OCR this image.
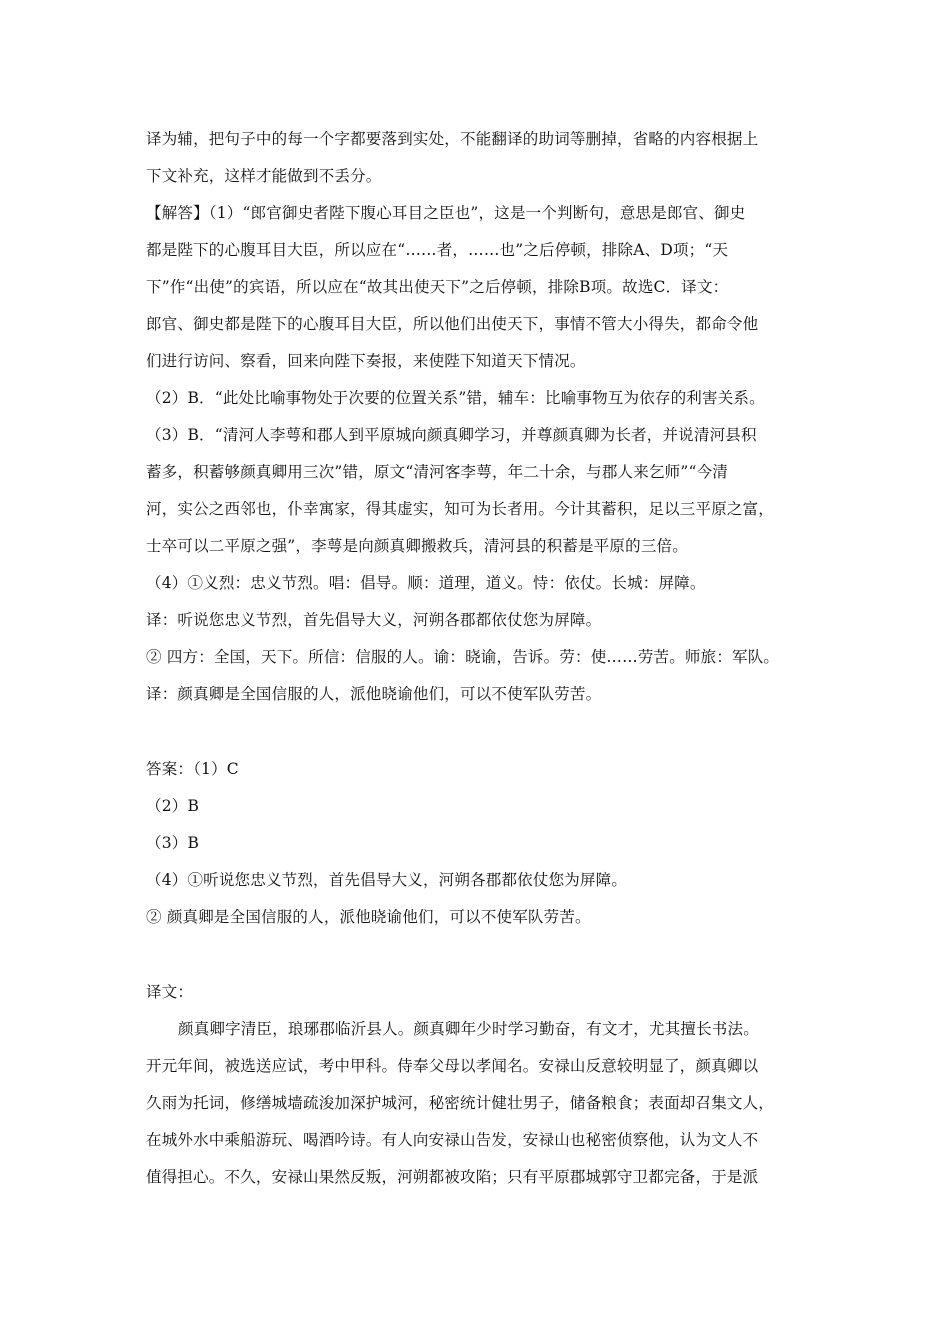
译为辅，把句子中的每一个字都要落到实处，不能翻译的助词等删掉，省略的内容根据上
下文补充，这样才能做到不丢分。
【解答】（1）“郎官御史者陛下腹心耳目之臣也”，这是一个判断句，意思是郎官、御史
都是陛下的心腹耳目大臣，所以应在“……者，……也”之后停顿，排除A、D项；“天
下”作“出使”的宾语，所以应在“故其出使天下”之后停顿，排除B项。故选C．译文：
郎官、御史都是陛下的心腹耳目大臣，所以他们出使天下，事情不管大小得失，都命令他
们进行访问、察看，回来向陛下奏报，来使陛下知道天下情况。
（2）B．“此处比喻事物处于次要的位置关系”错，辅车：比喻事物互为依存的利害关系。
（3）B．“清河人李萼和郡人到平原城向颜真卿学习，并尊颜真卿为长者，并说清河县积
蓄多，积蓄够颜真卿用三次”错，原文“清河客李萼，年二十余，与郡人来乞师”“今清
河，实公之西邻也，仆幸寓家，得其虚实，知可为长者用。今计其蓄积，足以三平原之富，
士卒可以二平原之强”，李萼是向颜真卿搬救兵，清河县的积蓄是平原的三倍。
（4）①义烈：忠义节烈。唱：倡导。顺：道理，道义。恃：依仗。长城：屏障。
译：听说您忠义节烈，首先倡导大义，河朔各郡都依仗您为屏障。
② 四方：全国，天下。所信：信服的人。谕：晓谕，告诉。劳：使……劳苦。师旅：军队。
译：颜真卿是全国信服的人，派他晓谕他们，可以不使军队劳苦。
答案：（1）C
（2）B
（3）B
（4）①听说您忠义节烈，首先倡导大义，河朔各郡都依仗您为屏障。
② 颜真卿是全国信服的人，派他晓谕他们，可以不使军队劳苦。
译文：
颜真卿字清臣，琅琊郡临沂县人。颜真卿年少时学习勤奋，有文才，尤其擅长书法。
开元年间，被选送应试，考中甲科。侍奉父母以孝闻名。安禄山反意较明显了，颜真卿以
久雨为托词，修缮城墙疏浚加深护城河，秘密统计健壮男子，储备粮食；表面却召集文人，
在城外水中乘船游玩、喝酒吟诗。有人向安禄山告发，安禄山也秘密侦察他，认为文人不
值得担心。不久，安禄山果然反叛，河朔都被攻陷；只有平原郡城郭守卫都完备，于是派
